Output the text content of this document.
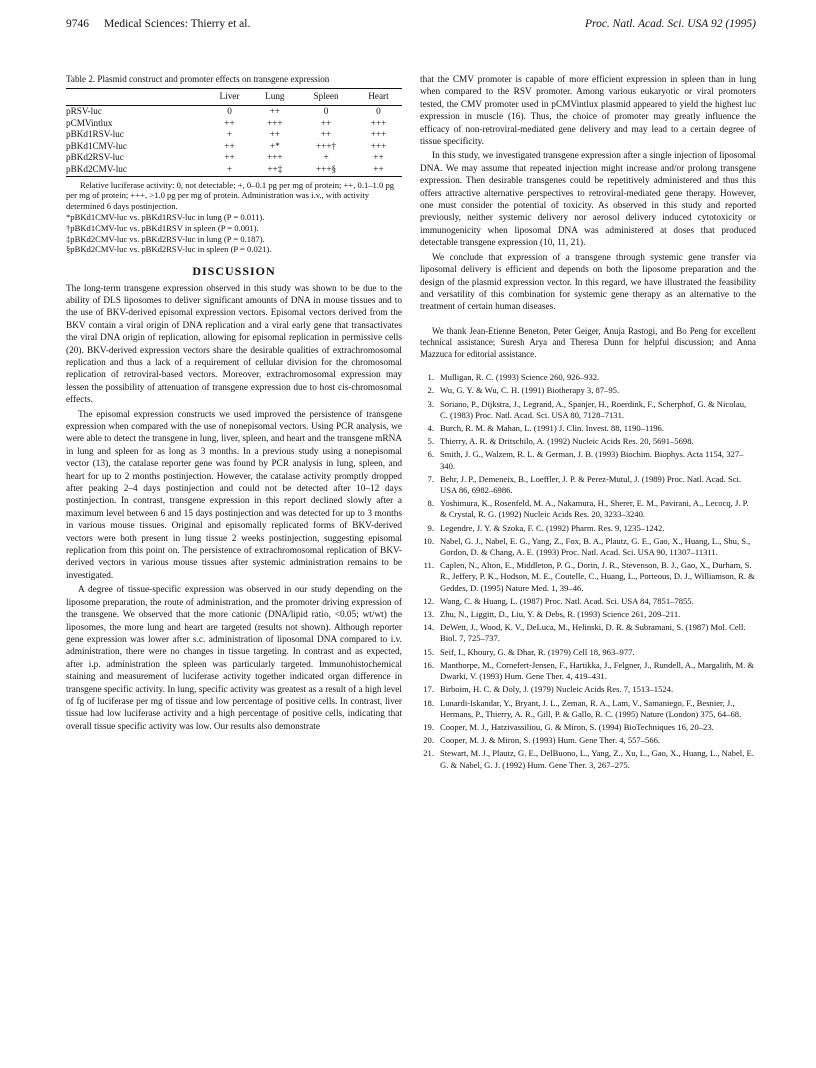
9746 Medical Sciences: Thierry et al.	Proc. Natl. Acad. Sci. USA 92 (1995)
Table 2. Plasmid construct and promoter effects on transgene expression
	Liver	Lung	Spleen	Heart
pRSV-luc	0	++	0	0
pCMVintlux	++	+++	++	+++
pBKd1RSV-luc	+	++	++	+++
pBKd1CMV-luc	++	+*	+++†	+++
pBKd2RSV-luc	++	+++	+	++
pBKd2CMV-luc	+	++‡	+++§	++

Relative luciferase activity: 0, not detectable; +, 0–0.1 pg per mg of protein; ++, 0.1–1.0 pg per mg of protein; +++, >1.0 pg per mg of protein. Administration was i.v., with activity determined 6 days postinjection.

*pBKd1CMV-luc vs. pBKd1RSV-luc in lung (P = 0.011).

†pBKd1CMV-luc vs. pBKd1RSV in spleen (P = 0.001).

‡pBKd2CMV-luc vs. pBKd2RSV-luc in lung (P = 0.187).

§pBKd2CMV-luc vs. pBKd2RSV-luc in spleen (P = 0.021).

DISCUSSION

The long-term transgene expression observed in this study was shown to be due to the ability of DLS liposomes to deliver significant amounts of DNA in mouse tissues and to the use of BKV-derived episomal expression vectors. Episomal vectors derived from the BKV contain a viral origin of DNA replication and a viral early gene that transactivates the viral DNA origin of replication, allowing for episomal replication in permissive cells (20). BKV-derived expression vectors share the desirable qualities of extrachromosomal replication and thus a lack of a requirement of cellular division for the chromosomal replication of retroviral-based vectors. Moreover, extrachromosomal expression may lessen the possibility of attenuation of transgene expression due to host cis-chromosomal effects.

The episomal expression constructs we used improved the persistence of transgene expression when compared with the use of nonepisomal vectors. Using PCR analysis, we were able to detect the transgene in lung, liver, spleen, and heart and the transgene mRNA in lung and spleen for as long as 3 months. In a previous study using a nonepisomal vector (13), the catalase reporter gene was found by PCR analysis in lung, spleen, and heart for up to 2 months postinjection. However, the catalase activity promptly dropped after peaking 2–4 days postinjection and could not be detected after 10–12 days postinjection. In contrast, transgene expression in this report declined slowly after a maximum level between 6 and 15 days postinjection and was detected for up to 3 months in various mouse tissues. Original and episomally replicated forms of BKV-derived vectors were both present in lung tissue 2 weeks postinjection, suggesting episomal replication from this point on. The persistence of extrachromosomal replication of BKV-derived vectors in various mouse tissues after systemic administration remains to be investigated.

A degree of tissue-specific expression was observed in our study depending on the liposome preparation, the route of administration, and the promoter driving expression of the transgene. We observed that the more cationic (DNA/lipid ratio, <0.05; wt/wt) the liposomes, the more lung and heart are targeted (results not shown). Although reporter gene expression was lower after s.c. administration of liposomal DNA compared to i.v. administration, there were no changes in tissue targeting. In contrast and as expected, after i.p. administration the spleen was particularly targeted. Immunohistochemical staining and measurement of luciferase activity together indicated organ difference in transgene specific activity. In lung, specific activity was greatest as a result of a high level of fg of luciferase per mg of tissue and low percentage of positive cells. In contrast, liver tissue had low luciferase activity and a high percentage of positive cells, indicating that overall tissue specific activity was low. Our results also demonstrate

that the CMV promoter is capable of more efficient expression in spleen than in lung when compared to the RSV promoter. Among various eukaryotic or viral promoters tested, the CMV promoter used in pCMVintlux plasmid appeared to yield the highest luc expression in muscle (16). Thus, the choice of promoter may greatly influence the efficacy of non-retroviral-mediated gene delivery and may lead to a certain degree of tissue specificity.

In this study, we investigated transgene expression after a single injection of liposomal DNA. We may assume that repeated injection might increase and/or prolong transgene expression. Then desirable transgenes could be repetitively administered and thus this offers attractive alternative perspectives to retroviral-mediated gene therapy. However, one must consider the potential of toxicity. As observed in this study and reported previously, neither systemic delivery nor aerosol delivery induced cytotoxicity or immunogenicity when liposomal DNA was administered at doses that produced detectable transgene expression (10, 11, 21).

We conclude that expression of a transgene through systemic gene transfer via liposomal delivery is efficient and depends on both the liposome preparation and the design of the plasmid expression vector. In this regard, we have illustrated the feasibility and versatility of this combination for systemic gene therapy as an alternative to the treatment of certain human diseases.

We thank Jean-Etienne Beneton, Peter Geiger, Anuja Rastogi, and Bo Peng for excellent technical assistance; Suresh Arya and Theresa Dunn for helpful discussion; and Anna Mazzuca for editorial assistance.

1. Mulligan, R. C. (1993) Science 260, 926–932.
2. Wu, G. Y. & Wu, C. H. (1991) Biotherapy 3, 87–95.
3. Soriano, P., Dijkstra, J., Legrand, A., Spanjer, H., Roerdink, F., Scherphof, G. & Nicolau, C. (1983) Proc. Natl. Acad. Sci. USA 80, 7128–7131.
4. Burch, R. M. & Mahan, L. (1991) J. Clin. Invest. 88, 1190–1196.
5. Thierry, A. R. & Dritschilo, A. (1992) Nucleic Acids Res. 20, 5691–5698.
6. Smith, J. G., Walzem, R. L. & German, J. B. (1993) Biochim. Biophys. Acta 1154, 327–340.
7. Behr, J. P., Demeneix, B., Loeffler, J. P. & Perez-Mutul, J. (1989) Proc. Natl. Acad. Sci. USA 86, 6982–6986.
8. Yoshimura, K., Rosenfeld, M. A., Nakamura, H., Sherer, E. M., Pavirani, A., Lecocq, J. P. & Crystal, R. G. (1992) Nucleic Acids Res. 20, 3233–3240.
9. Legendre, J. Y. & Szoka, F. C. (1992) Pharm. Res. 9, 1235–1242.
10. Nabel, G. J., Nabel, E. G., Yang, Z., Fox, B. A., Plautz, G. E., Gao, X., Huang, L., Shu, S., Gordon, D. & Chang, A. E. (1993) Proc. Natl. Acad. Sci. USA 90, 11307–11311.
11. Caplen, N., Alton, E., Middleton, P. G., Dorin, J. R., Stevenson, B. J., Gao, X., Durham, S. R., Jeffery, P. K., Hodson, M. E., Coutelle, C., Huang, L., Porteous, D. J., Williamson, R. & Geddes, D. (1995) Nature Med. 1, 39–46.
12. Wang, C. & Huang, L. (1987) Proc. Natl. Acad. Sci. USA 84, 7851–7855.
13. Zhu, N., Liggitt, D., Liu, Y. & Debs, R. (1993) Science 261, 209–211.
14. DeWett, J., Wood, K. V., DeLuca, M., Helinski, D. R. & Subramani, S. (1987) Mol. Cell. Biol. 7, 725–737.
15. Seif, I., Khoury, G. & Dhar, R. (1979) Cell 18, 963–977.
16. Manthorpe, M., Cornefert-Jensen, F., Hartikka, J., Felgner, J., Rundell, A., Margalith, M. & Dwarki, V. (1993) Hum. Gene Ther. 4, 419–431.
17. Birboim, H. C. & Doly, J. (1979) Nucleic Acids Res. 7, 1513–1524.
18. Lunardi-Iskandar, Y., Bryant, J. L., Zeman, R. A., Lam, V., Samaniego, F., Besnier, J., Hermans, P., Thierry, A. R., Gill, P. & Gallo, R. C. (1995) Nature (London) 375, 64–68.
19. Cooper, M. J., Hatzivassiliou, G. & Miron, S. (1994) BioTechniques 16, 20–23.
20. Cooper, M. J. & Miron, S. (1993) Hum. Gene Ther. 4, 557–566.
21. Stewart, M. J., Plautz, G. E., DelBuono, L., Yang, Z., Xu, L., Gao, X., Huang, L., Nabel, E. G. & Nabel, G. J. (1992) Hum. Gene Ther. 3, 267–275.
